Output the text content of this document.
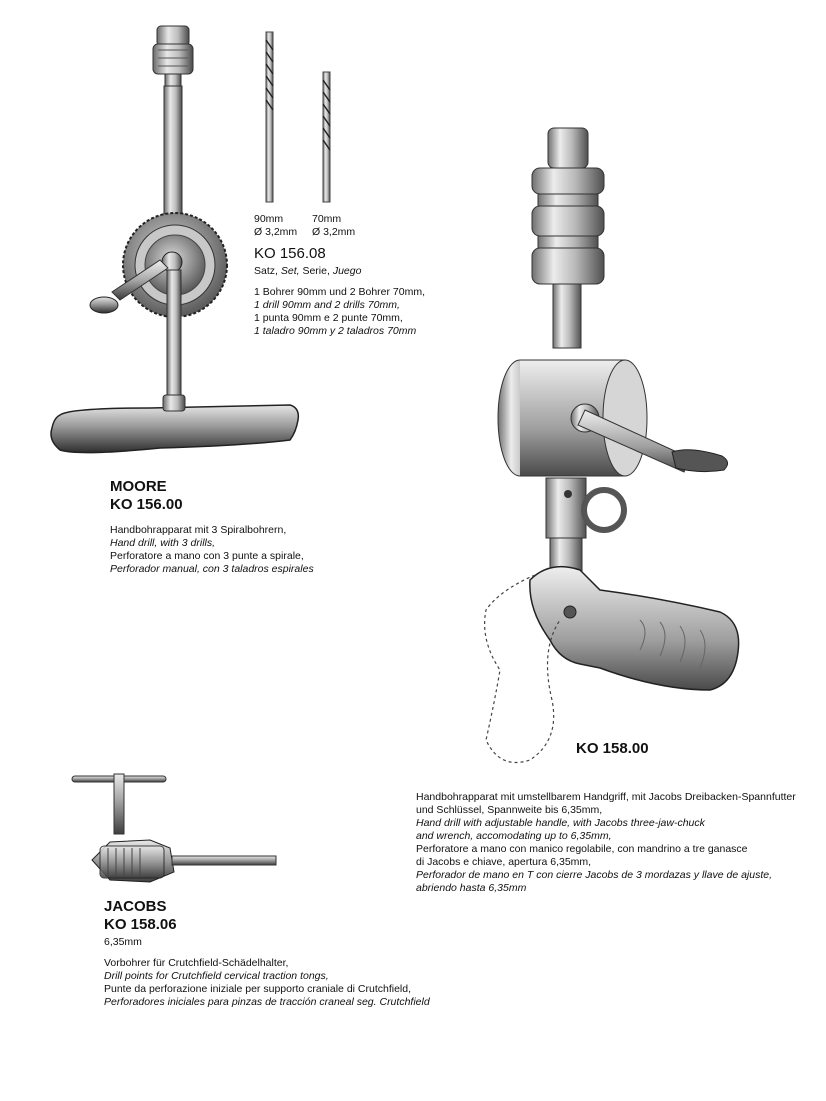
90mm
Ø 3,2mm
70mm
Ø 3,2mm
KO 156.08
Satz, Set, Serie, Juego
1 Bohrer 90mm und 2 Bohrer 70mm,
1 drill 90mm and 2 drills 70mm,
1 punta 90mm e 2 punte 70mm,
1 taladro 90mm y 2 taladros 70mm
MOORE
KO 156.00
Handbohrapparat mit 3 Spiralbohrern,
Hand drill, with 3 drills,
Perforatore a mano con 3 punte a spirale,
Perforador manual, con 3 taladros espirales
KO 158.00
Handbohrapparat mit umstellbarem Handgriff, mit Jacobs Dreibacken-Spannfutter
und Schlüssel, Spannweite bis 6,35mm,
Hand drill with adjustable handle, with Jacobs three-jaw-chuck
and wrench, accomodating up to 6,35mm,
Perforatore a mano con manico regolabile, con mandrino a tre ganasce
di Jacobs e chiave, apertura 6,35mm,
Perforador de mano en T con cierre Jacobs de 3 mordazas y llave de ajuste,
abriendo hasta 6,35mm
JACOBS
KO 158.06
6,35mm
Vorbohrer für Crutchfield-Schädelhalter,
Drill points for Crutchfield cervical traction tongs,
Punte da perforazione iniziale per supporto craniale di Crutchfield,
Perforadores iniciales para pinzas de tracción craneal seg. Crutchfield
